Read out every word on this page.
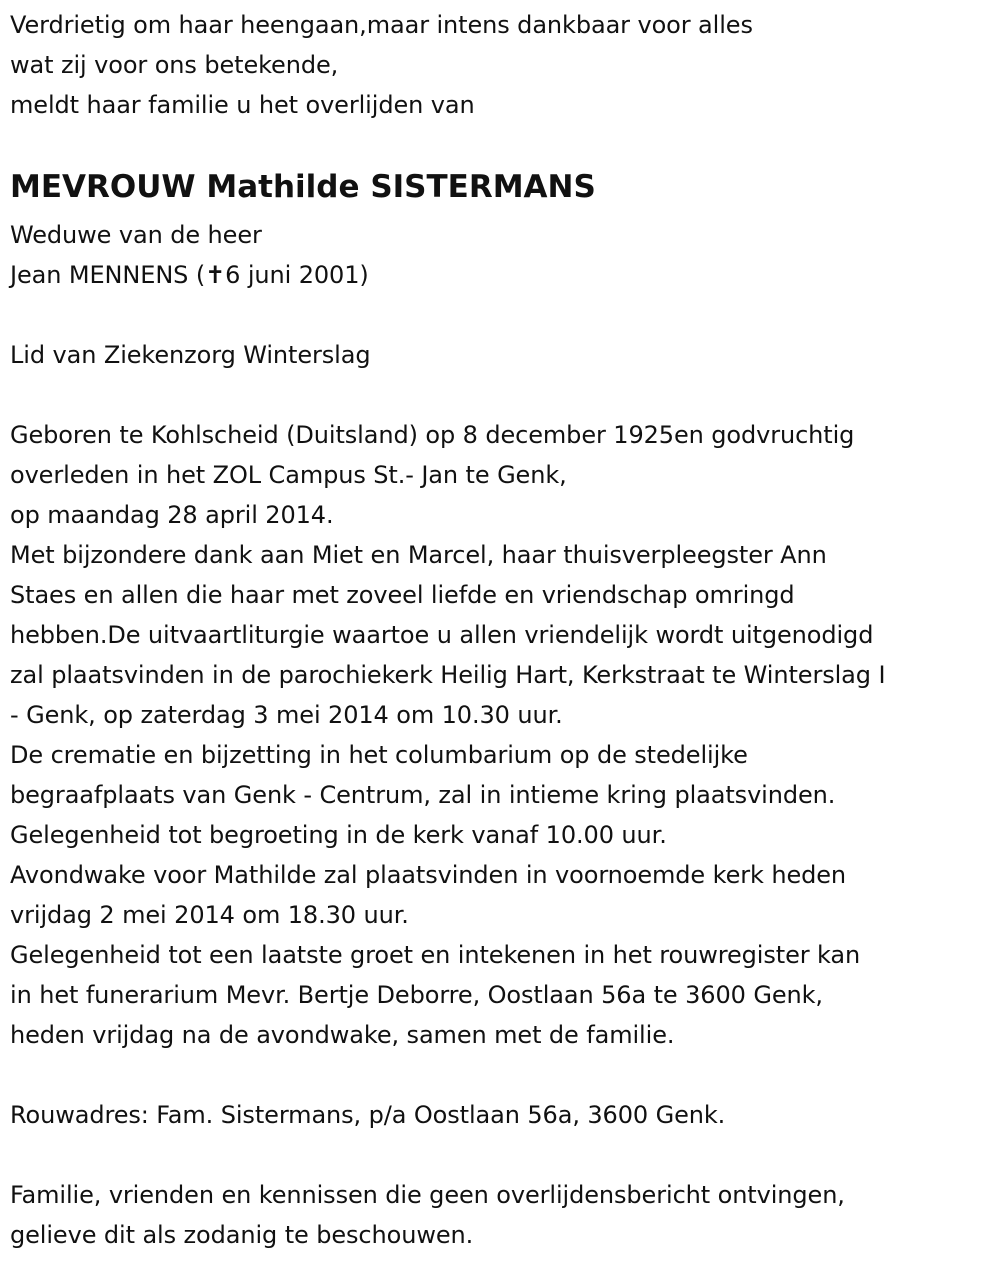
Verdrietig om haar heengaan,maar intens dankbaar voor alles
wat zij voor ons betekende,
meldt haar familie u het overlijden van
MEVROUW Mathilde SISTERMANS
Weduwe van de heer
Jean MENNENS (✝6 juni 2001)
Lid van Ziekenzorg Winterslag
Geboren te Kohlscheid (Duitsland) op 8 december 1925en godvruchtig
overleden in het ZOL Campus St.- Jan te Genk,
op maandag 28 april 2014.
Met bijzondere dank aan Miet en Marcel, haar thuisverpleegster Ann
Staes en allen die haar met zoveel liefde en vriendschap omringd
hebben.De uitvaartliturgie waartoe u allen vriendelijk wordt uitgenodigd
zal plaatsvinden in de parochiekerk Heilig Hart, Kerkstraat te Winterslag I
- Genk, op zaterdag 3 mei 2014 om 10.30 uur.
De crematie en bijzetting in het columbarium op de stedelijke
begraafplaats van Genk - Centrum, zal in intieme kring plaatsvinden.
Gelegenheid tot begroeting in de kerk vanaf 10.00 uur.
Avondwake voor Mathilde zal plaatsvinden in voornoemde kerk heden
vrijdag 2 mei 2014 om 18.30 uur.
Gelegenheid tot een laatste groet en intekenen in het rouwregister kan
in het funerarium Mevr. Bertje Deborre, Oostlaan 56a te 3600 Genk,
heden vrijdag na de avondwake, samen met de familie.
Rouwadres: Fam. Sistermans, p/a Oostlaan 56a, 3600 Genk.
Familie, vrienden en kennissen die geen overlijdensbericht ontvingen,
gelieve dit als zodanig te beschouwen.
